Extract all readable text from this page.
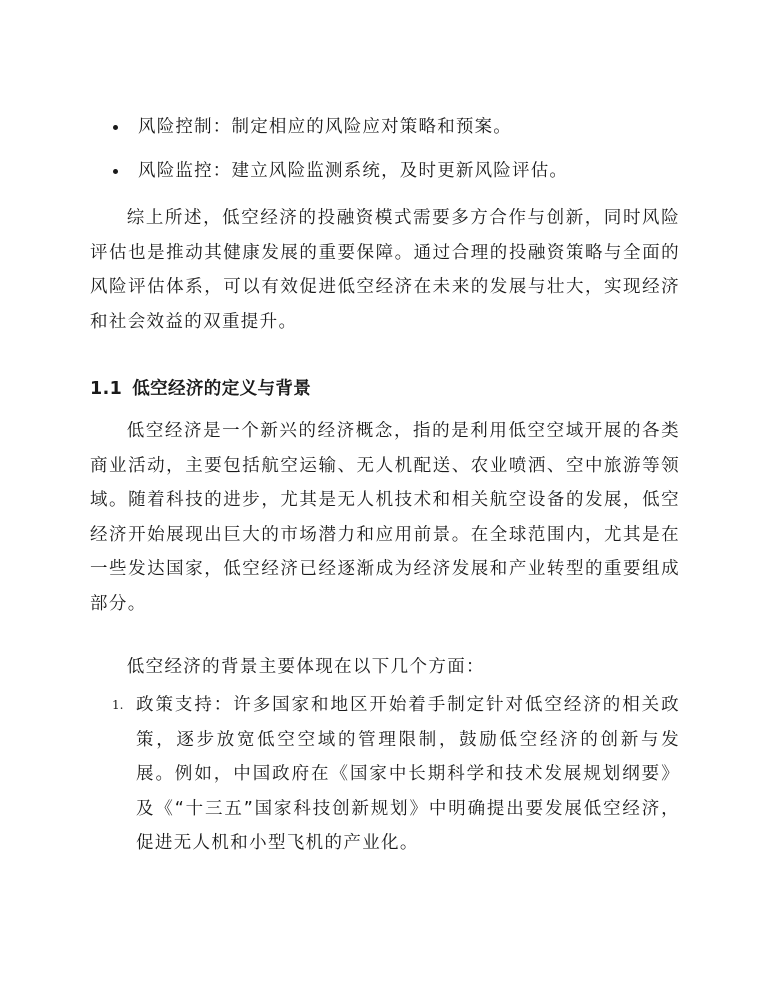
风险控制：制定相应的风险应对策略和预案。
风险监控：建立风险监测系统，及时更新风险评估。

综上所述，低空经济的投融资模式需要多方合作与创新，同时风险评估也是推动其健康发展的重要保障。通过合理的投融资策略与全面的风险评估体系，可以有效促进低空经济在未来的发展与壮大，实现经济和社会效益的双重提升。

1.1 低空经济的定义与背景

低空经济是一个新兴的经济概念，指的是利用低空空域开展的各类商业活动，主要包括航空运输、无人机配送、农业喷洒、空中旅游等领域。随着科技的进步，尤其是无人机技术和相关航空设备的发展，低空经济开始展现出巨大的市场潜力和应用前景。在全球范围内，尤其是在一些发达国家，低空经济已经逐渐成为经济发展和产业转型的重要组成部分。

低空经济的背景主要体现在以下几个方面：

1. 政策支持：许多国家和地区开始着手制定针对低空经济的相关政策，逐步放宽低空空域的管理限制，鼓励低空经济的创新与发展。例如，中国政府在《国家中长期科学和技术发展规划纲要》及《“十三五”国家科技创新规划》中明确提出要发展低空经济，促进无人机和小型飞机的产业化。
